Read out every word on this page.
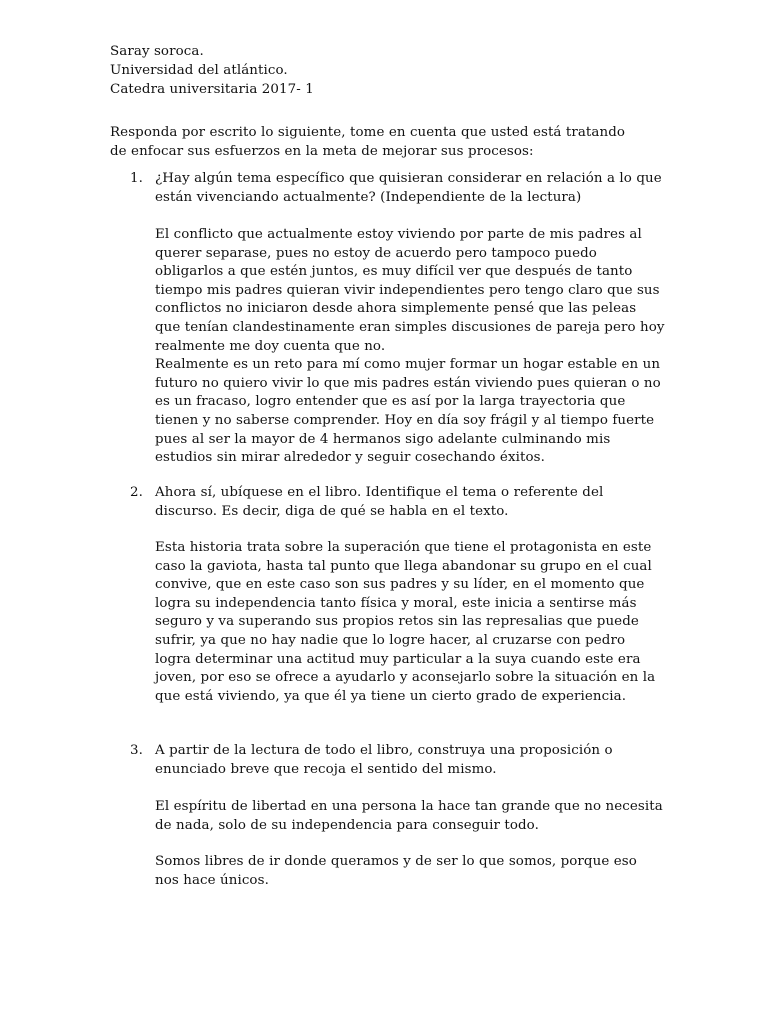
Saray soroca.
Universidad del atlántico.
Catedra universitaria 2017- 1
Responda por escrito lo siguiente, tome en cuenta que usted está tratando de enfocar sus esfuerzos en la meta de mejorar sus procesos:
1. ¿Hay algún tema específico que quisieran considerar en relación a lo que están vivenciando actualmente? (Independiente de la lectura)

El conflicto que actualmente estoy viviendo por parte de mis padres al querer separase, pues no estoy de acuerdo pero tampoco puedo obligarlos a que estén juntos, es muy difícil ver que después de tanto tiempo mis padres quieran vivir independientes pero tengo claro que sus conflictos no iniciaron desde ahora simplemente pensé que las peleas que tenían clandestinamente eran simples discusiones de pareja pero hoy realmente me doy cuenta que no.

Realmente es un reto para mí como mujer formar un hogar estable en un futuro no quiero vivir lo que mis padres están viviendo pues quieran o no es un fracaso, logro entender que es así por la larga trayectoria que tienen y no saberse comprender. Hoy en día soy frágil y al tiempo fuerte pues al ser la mayor de 4 hermanos sigo adelante culminando mis estudios sin mirar alrededor y seguir cosechando éxitos.

2. Ahora sí, ubíquese en el libro. Identifique el tema o referente del discurso. Es decir, diga de qué se habla en el texto.

Esta historia trata sobre la superación que tiene el protagonista en este caso la gaviota, hasta tal punto que llega abandonar su grupo en el cual convive, que en este caso son sus padres y su líder, en el momento que logra su independencia tanto física y moral, este inicia a sentirse más seguro y va superando sus propios retos sin las represalias que puede sufrir, ya que no hay nadie que lo logre hacer, al cruzarse con pedro logra determinar una actitud muy particular a la suya cuando este era joven, por eso se ofrece a ayudarlo y aconsejarlo sobre la situación en la que está viviendo, ya que él ya tiene un cierto grado de experiencia.

3. A partir de la lectura de todo el libro, construya una proposición o enunciado breve que recoja el sentido del mismo.

El espíritu de libertad en una persona la hace tan grande que no necesita de nada, solo de su independencia para conseguir todo.

Somos libres de ir donde queramos y de ser lo que somos, porque eso nos hace únicos.
